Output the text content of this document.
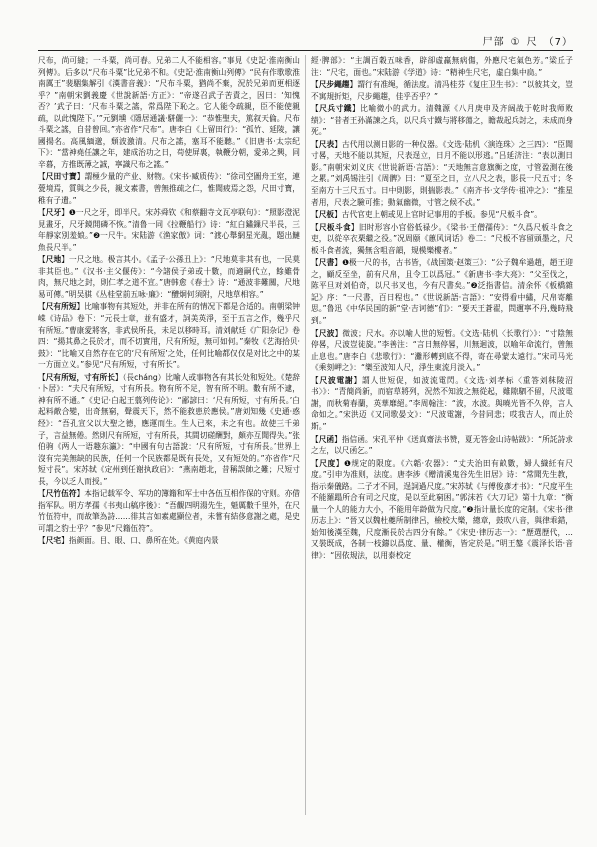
尸部 ① 尺 （7）

尺布，尚可縫；一斗粟，尚可舂。兄弟二人不能相容。”事見《史記·淮南衡山列傳》。后多以“尺布斗粟”比兄弟不和。《史記·淮南衡山列傳》“民有作歌歌淮南厲王”裴駰集解引《漢書音義》：“尺布斗粟，猶尚不棄，況於兄弟而更相逐乎？”南朝宋劉義慶《世說新語·方正》：“帝遂召武子苦責之，因曰：‘知愧否？’武子曰：‘尺布斗粟之謠，常爲陛下恥之。它人能令疏親，臣不能使親疏，以此愧陛下。’”元劉壎《隱居通議·駢儷一》：“恭惟聖夫，篤叙天倫。尺布斗粟之謠，自昔曾回。”亦省作“尺布”。唐李白《上留田行》：“孤竹、延陵，讓國揚名。高風緬邈，頹波激清。尺布之謠，塞耳不能聽。”《旧唐书·太宗纪下》：“當神堯任讓之年，建成治功之日，苟使屏裏，執鞭分朝，愛弟之興，同辛暮，方推既薄之誠，寧識尺布之謠。”

【 尺田寸寶 】 謂極少量的产业、财物。《宋书·臧质传》：“徐司空圖舟王室，連甍境焉，質與之少長，親文素書，曾無推疏之仁，惟聞疲焉之怨，尺田寸寶，稚有子遺。”

【 尺牙 】 ❶一尺之牙，即半尺。宋苏舜钦《和蔡翻寺文瓦亭联句》：“照影澄泥見畫牙，尺牙鏡開磷不恢。”清鲁一同《拉鞭船行》诗：“紅白鏽鏁尺半長，三年靜家別羞娘。”❷一尺牛。宋陆游《渔家傲》词：“渡心舉網星光亂，題出鰱魚長尺半。”

【 尺地 】 一尺之地。极言其小。《孟子·公孫丑上》：“尺地莫非其有也，一民莫非其臣也。”《汉书·主父偃传》：“今諸侯子弟或十數，而適嗣代立，餘雖骨肉，無尺地之封，則仁孝之道不宣。”唐韩愈《春士》诗：“通波非難關，尺地易可傳。”明吴骐《丛桂堂前五咏·廉》：“醴炯何須附，尺地草相容。”

【 尺有所短 】 比喻事物有其短处，并非在所有的情况下都是合适的。南朝梁钟嵘《诗品》卷下：“元長士章，並有盛才，詞美英淨，至于五言之作，幾乎尺有所短。”曹康愛將客，非武侯所長，未足以移時耳。清刘献廷《广阳杂记》卷四：“揚其鼻之長於才，而不切實用，尺有所短，無可如何。”秦牧《艺海拾贝·鼓》：“比喻又自然存在它的‘尺有所短’之处，任何比喻都仅仅是对比之中的某一方面立义。”参见“尺有所短，寸有所长”。

【 尺有所短，寸有所长 】 （長cháng）比喻人或事物各有其长处和短处。《楚辞·卜居》：“夫尺有所短，寸有所長。物有所不足，智有所不明。數有所不逮，神有所不通。”《史记·白起王翦列传论》：“鄙諺曰：‘尺有所短，寸有所長。’白起料敵合變，出奇無窮，聲震天下，然不能救患於應侯。”唐刘知幾《史通·惑经》：“吾孔宣父以大聖之德，應運而生。生人已來，未之有也。故使三千弟子，言益無倦。然則尺有所短，寸有所長，其間切磋酬對，頗亦互聞得失。”张伯驹《两人一语趣东瀛》：“中國有句古語說：‘尺有所短，寸有所長。’世界上沒有完美無缺的民族，任何一个民族都是既有長处，又有短处的。”亦省作“尺短寸長”。宋苏轼《定州到任谢执政启》：“燕南趙北，昔稱誤帥之難；尺短寸長，今以乏人而授。”

【 尺竹伍符 】 本指记载军令、军功的簿籍和军士中各伍互相作保的守则。亦借指军队。明方孝孺《书夷山稿序後》：“吾觀四明湯先生，魁厲數千里外，在尺竹伍符中，而故筆為詩……徘其言如素處顯位者，未嘗有結侈意謝之處，是史可謂之豹士乎？”参见“尺籍伍符”。

【 尺宅 】 指颜面。目、眼、口、鼻所在处。《黄庭内景

經·脾部》：“主調百穀五味香，辟卻虛羸無病傷，外應尺宅氣色芳。”梁丘子注：“尺宅，面也。”宋陆游《学道》诗：“精神生尺宅，虛白集中扃。”

【 尺步繩趨 】 謂行有准绳，循法度。清冯桂芬《复庄卫生书》：“以彼其文，豈不寓規折矩，尺步繩趨，佳乎否乎？”

【 尺兵寸鐵 】 比喻微小的武力。清魏源《八月庚申及齐阔战于乾时我师败绩》：“昔者王孙滿諫之兵，以尺兵寸鐵与將移蕩之，瞻裁起兵討之，未成而身死。”

【 尺表 】 古代用以测日影的一种仪器。《文选·陆机〈演连珠〉之三四》：“臣聞寸晷，天地不能以其短，尺表逞立，日月不能以形逃。”吕延济注：“表以測日影。”南朝宋刘义庆《世说新语·言語》：“天地無言意旗衡之度，寸管盈測在後之累。”刘禹锡注引《周髀》曰：“夏至之日，立八尺之表，影長一尺五寸；冬至南方十三尺五寸。日中則影，則揣影表。”《南齐书·文学传·祖冲之》：“推星者用，尺表之驗可推；動氣幽微，寸管之候不忒。”

【 尺板 】 古代官吏上朝或见上官时记事用的手板。参见“尺板斗食”。

【 尺板斗食 】 旧时形容小官俗低禄少。《梁书·王僧孺传》：“久爲尺板斗食之吏，以從卒衣栗繼之役。”况周颐《蕙风词话》卷二：“尺板不容留頭墨之，尺板斗食者流，獨無含咀音韻，規模樂樓者。”

【 尺書 】 ❶极一尺的书，古书皆，《战国策·赵策三》：“公子魏牟過趙，趙王迎之，顧反至坐，前有尺帛，且令工以爲冠。”《新唐书·李大亮》：“父至伐之，陈平旦对刘伯奇，以尺书叉也，今有尺書矣。”❷泛指書信。清余怀《板橋雜記》序：“一尺書，百日程也。”《世说新語·言語》：“安得看中繡，尺帛寄離思。”鲁迅《中华民国的新“堂·吉诃德”们》：“要天王蒼翟，問邇寧不丹,幾時飛到。”

【 尺波 】 微波；尺水。亦以喻人世的短暂。《文选·陆机〈长歌行〉》：“寸陰無停晷，尺波豈徒旋。”李善注：“言日無停晷，川無迴波，以喻年命流行，曾無止息也。”唐李白《悲歌行》：“灘形轉到底不得，寄在尋蒙太遠行。”宋司马光《乘刻岬之》：“樂至波知人尺，淨生東流月淡入。”

【 尺波電謝 】 謂人世短促，如波流電閃。《文选·刘孝标〈重答刘秣陵沼书〉》：“青簡尚新，而宿草將列，況然不知波之無從起，雖隙駟不留，尺波電謝，而秋菊春蘭，英華靡絕。”李周翰注：“波，水波。與曉光皆不久停，言人命如之。”宋洪迈《又同歌晏文》：“尺波電謝，今昔同悲；哎我吉人，而止於斯。”

【 尺函 】 指信函。宋孔平仲《送真齋法书赞，夏无答金山诗帖跋》：“所託詩求之左，以尺函乞。”

【 尺度 】 ❶规定的限度。《六韜·农器》：“丈夫治田有畝數，婦人織紝有尺度。”引申为准则，法度。唐李涉《赠清溪鬼谷先生旧居》诗：“常聞先生教，指示秦儀路。二子才不同，逞詞過尺度。”宋苏轼《与傅俊彥才书》：“尺度平生不能羅蹋所合有司之尺度，是以至此窮困。”郭沫若《大刀记》第十九章：“衡量一个人的能力大小，不能用年龄做为尺度。”❷指计量长度的定制。《宋书·律历志上》：“晉又以魏杜夔所制律呂，檢校大樂，總章，鼓吹八音，與律乖錯，始知後漢至魏，尺度漸長於古四分有餘。”《宋史·律历志一》：“歷選歷代，…又裝既成，各制一枝鑄以爲度、量、權衡，皆定於是。”明王鏊《震泽长语·音律》：“因依規法，以用泰校定
